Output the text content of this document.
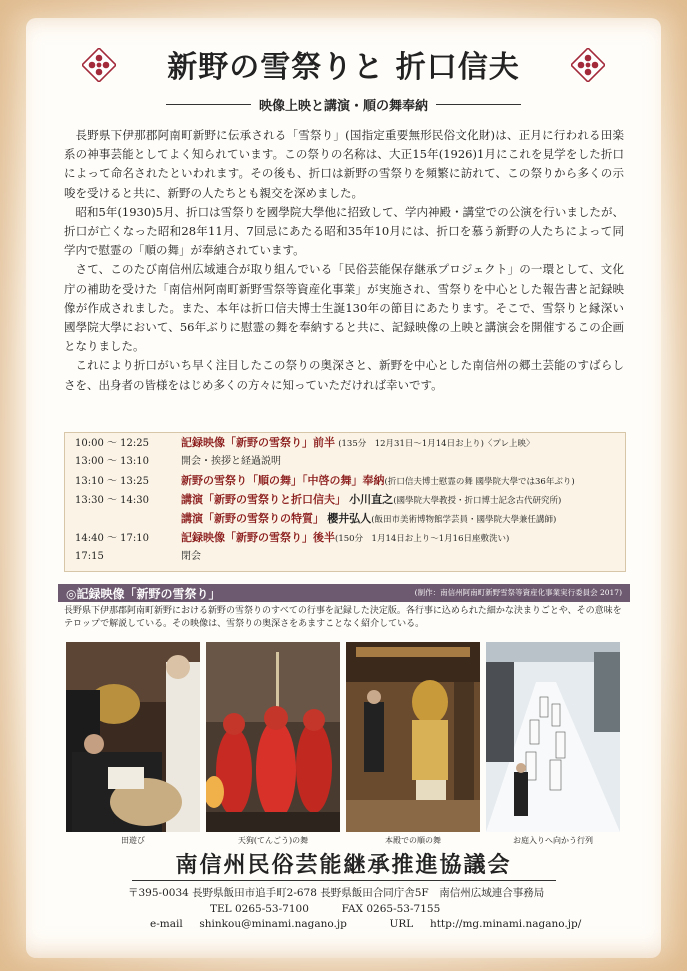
新野の雪祭りと 折口信夫
映像上映と講演・順の舞奉納

長野県下伊那郡阿南町新野に伝承される「雪祭り」(国指定重要無形民俗文化財)は、正月に行われる田楽系の神事芸能としてよく知られています。この祭りの名称は、大正15年(1926)1月にこれを見学をした折口によって命名されたといわれます。その後も、折口は新野の雪祭りを頻繁に訪れて、この祭りから多くの示唆を受けると共に、新野の人たちとも親交を深めました。

昭和5年(1930)5月、折口は雪祭りを國學院大學他に招致して、学内神殿・講堂での公演を行いましたが、折口が亡くなった昭和28年11月、7回忌にあたる昭和35年10月には、折口を慕う新野の人たちによって同学内で慰霊の「順の舞」が奉納されています。

さて、このたび南信州広域連合が取り組んでいる「民俗芸能保存継承プロジェクト」の一環として、文化庁の補助を受けた「南信州阿南町新野雪祭等資産化事業」が実施され、雪祭りを中心とした報告書と記録映像が作成されました。また、本年は折口信夫博士生誕130年の節目にあたります。そこで、雪祭りと縁深い國學院大學において、56年ぶりに慰霊の舞を奉納すると共に、記録映像の上映と講演会を開催するこの企画となりました。

これにより折口がいち早く注目したこの祭りの奥深さと、新野を中心とした南信州の郷土芸能のすばらしさを、出身者の皆様をはじめ多くの方々に知っていただければ幸いです。

10:00 ～ 12:25	記録映像「新野の雪祭り」前半 (135分　12月31日～1月14日お上り)〈プレ上映〉
13:00 ～ 13:10	開会・挨拶と経過説明
13:10 ～ 13:25	新野の雪祭り「順の舞」「中啓の舞」奉納(折口信夫博士慰霊の舞 國學院大學では36年ぶり)
13:30 ～ 14:30	講演「新野の雪祭りと折口信夫」 小川直之(國學院大學教授・折口博士記念古代研究所)
講演「新野の雪祭りの特質」 櫻井弘人(飯田市美術博物館学芸員・國學院大學兼任講師)
14:40 ～ 17:10	記録映像「新野の雪祭り」後半(150分　1月14日お上り～1月16日座敷洗い)
17:15	閉会
◎記録映像「新野の雪祭り」	(制作：南信州阿南町新野雪祭等資産化事業実行委員会 2017)
長野県下伊那郡阿南町新野における新野の雪祭りのすべての行事を記録した決定版。各行事に込められた細かな決まりごとや、その意味をテロップで解説している。その映像は、雪祭りの奥深さをあますことなく紹介している。
田遊び	天狗(てんごう)の舞	本殿での順の舞	お庭入りへ向かう行列
南信州民俗芸能継承推進協議会
〒395-0034 長野県飯田市追手町2-678 長野県飯田合同庁舎5F　南信州広域連合事務局
TEL 0265-53-7100	FAX 0265-53-7155
e-mail shinkou@minami.nagano.jp	URL http://mg.minami.nagano.jp/
